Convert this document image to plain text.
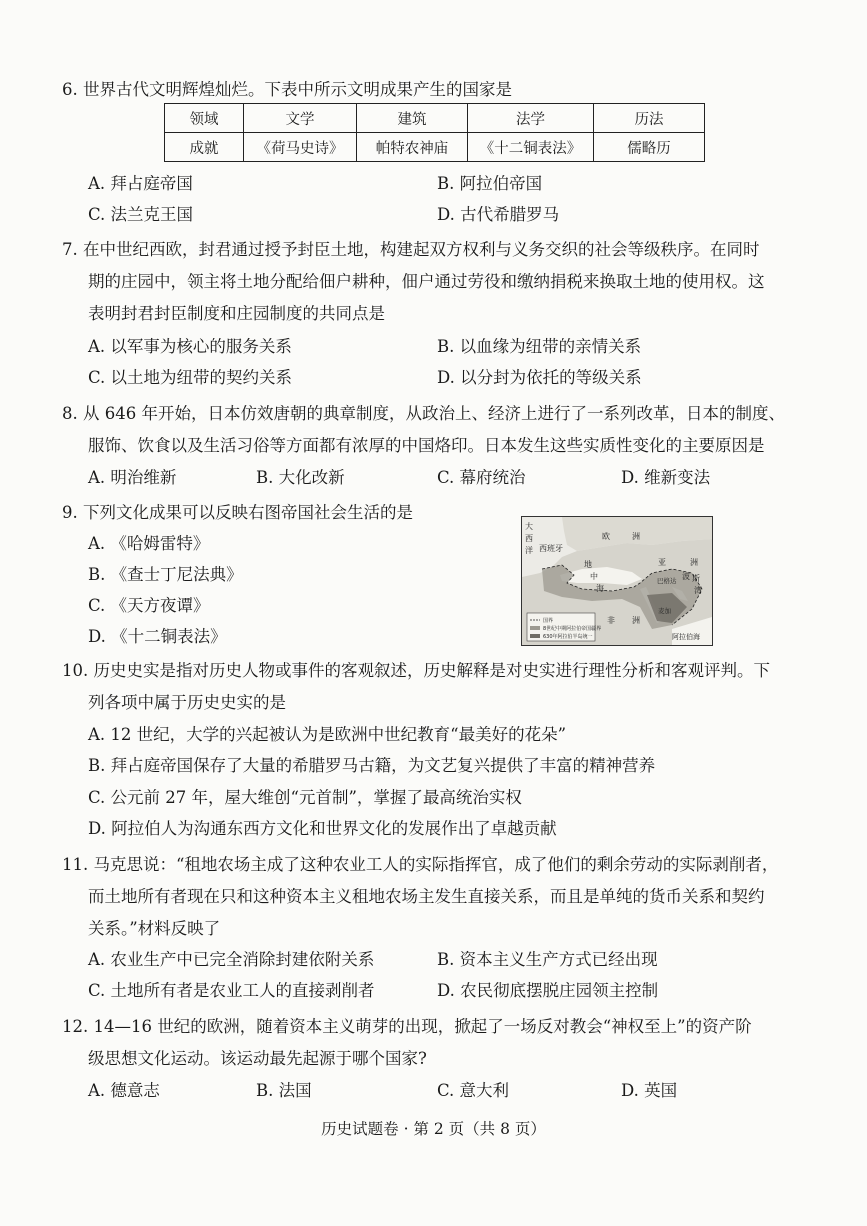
6. 世界古代文明辉煌灿烂。下表中所示文明成果产生的国家是
领域	文学	建筑	法学	历法
成就	《荷马史诗》	帕特农神庙	《十二铜表法》	儒略历
A. 拜占庭帝国	B. 阿拉伯帝国
C. 法兰克王国	D. 古代希腊罗马
7. 在中世纪西欧，封君通过授予封臣土地，构建起双方权利与义务交织的社会等级秩序。在同时
期的庄园中，领主将土地分配给佃户耕种，佃户通过劳役和缴纳捐税来换取土地的使用权。这
表明封君封臣制度和庄园制度的共同点是
A. 以军事为核心的服务关系	B. 以血缘为纽带的亲情关系
C. 以土地为纽带的契约关系	D. 以分封为依托的等级关系
8. 从 646 年开始，日本仿效唐朝的典章制度，从政治上、经济上进行了一系列改革，日本的制度、
服饰、饮食以及生活习俗等方面都有浓厚的中国烙印。日本发生这些实质性变化的主要原因是
A. 明治维新	B. 大化改新	C. 幕府统治	D. 维新变法
9. 下列文化成果可以反映右图帝国社会生活的是
A. 《哈姆雷特》
B. 《查士丁尼法典》
C. 《天方夜谭》
D. 《十二铜表法》
国界
8世纪中期阿拉伯帝国疆界
630年阿拉伯半岛统一
大
西
洋 西班牙
欧	洲
亚	洲
地
中
海
巴格达 波 斯
湾
非 洲
麦加
阿拉伯海
10. 历史史实是指对历史人物或事件的客观叙述，历史解释是对史实进行理性分析和客观评判。下
列各项中属于历史史实的是
A. 12 世纪，大学的兴起被认为是欧洲中世纪教育“最美好的花朵”
B. 拜占庭帝国保存了大量的希腊罗马古籍，为文艺复兴提供了丰富的精神营养
C. 公元前 27 年，屋大维创“元首制”，掌握了最高统治实权
D. 阿拉伯人为沟通东西方文化和世界文化的发展作出了卓越贡献
11. 马克思说：“租地农场主成了这种农业工人的实际指挥官，成了他们的剩余劳动的实际剥削者，
而土地所有者现在只和这种资本主义租地农场主发生直接关系，而且是单纯的货币关系和契约
关系。”材料反映了
A. 农业生产中已完全消除封建依附关系	B. 资本主义生产方式已经出现
C. 土地所有者是农业工人的直接剥削者	D. 农民彻底摆脱庄园领主控制
12. 14—16 世纪的欧洲，随着资本主义萌芽的出现，掀起了一场反对教会“神权至上”的资产阶
级思想文化运动。该运动最先起源于哪个国家?
A. 德意志	B. 法国	C. 意大利	D. 英国
历史试题卷 · 第 2 页（共 8 页）
